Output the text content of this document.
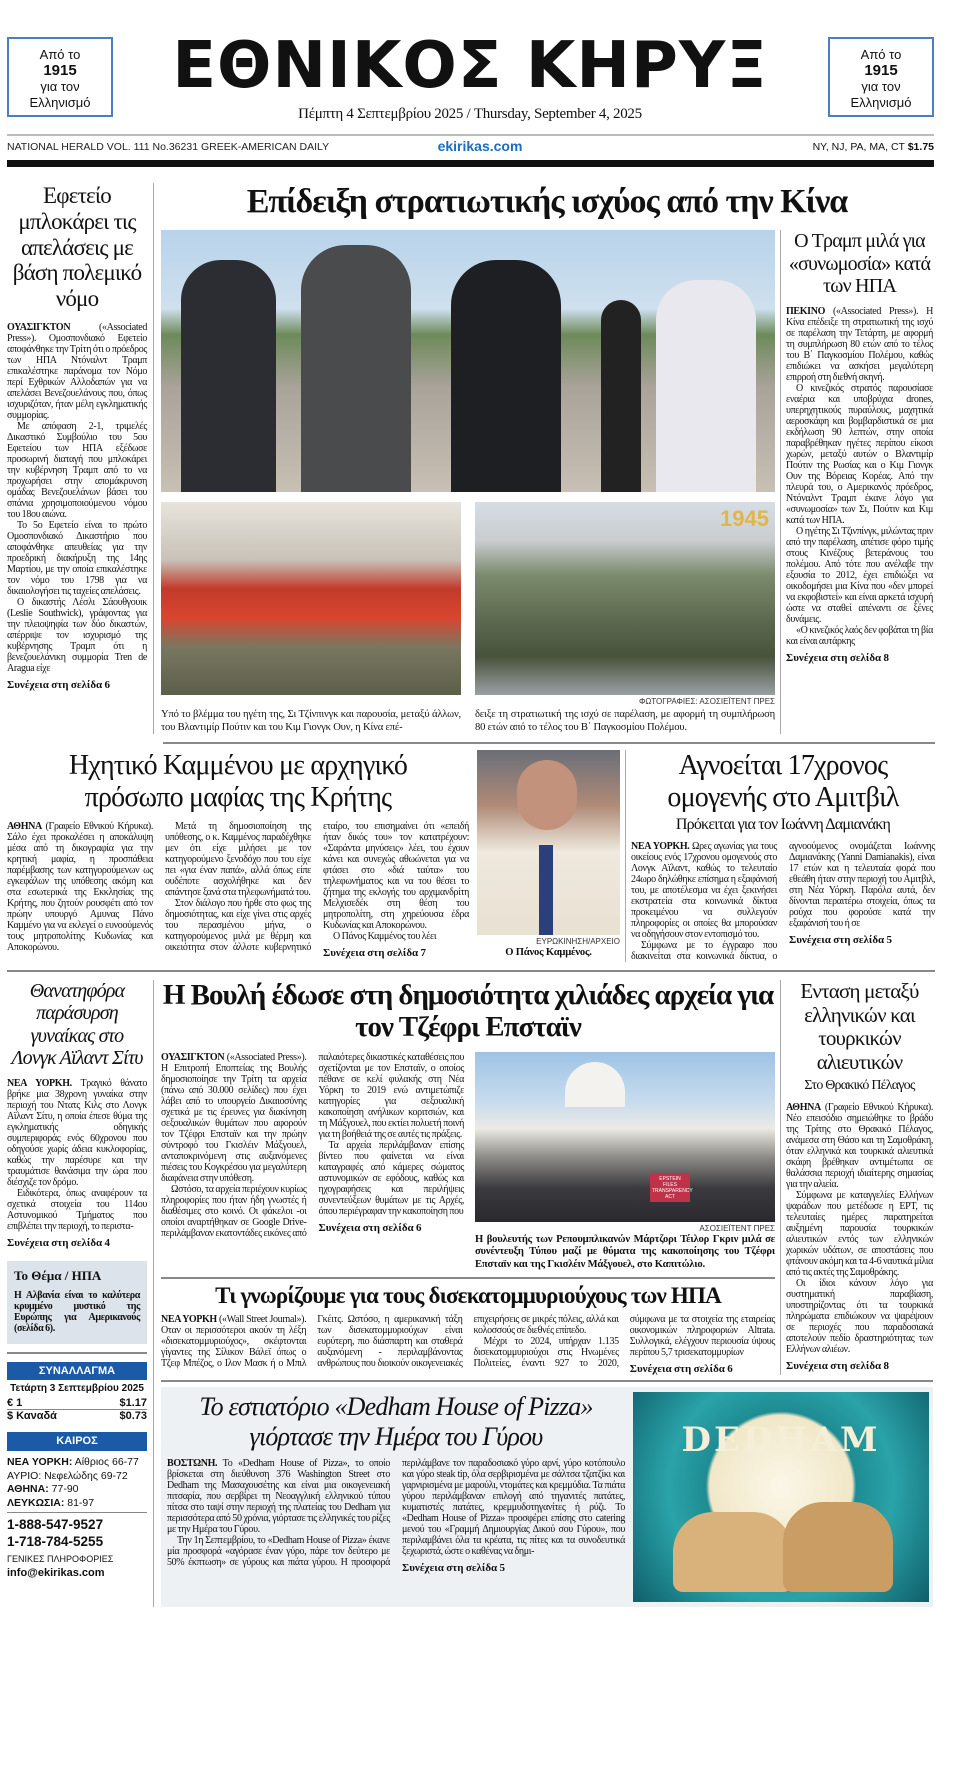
Από το
1915
για τον
Ελληνισμό
Από το
1915
για τον
Ελληνισμό
ΕΘΝΙΚΟΣ ΚΗΡΥΞ
Πέμπτη 4 Σεπτεμβρίου 2025 / Thursday, September 4, 2025
NATIONAL HERALD VOL. 111 No.36231 GREEK-AMERICAN DAILY	ekirikas.com	NY, NJ, PA, MA, CT $1.75
Εφετείο μπλοκάρει τις απελάσεις με βάση πολεμικό νόμο

ΟΥΑΣΙΓΚΤΟΝ	(«Associated Press»). Ομοσπονδιακό Εφετείο αποφάνθηκε την Τρίτη ότι ο πρόεδρος των ΗΠΑ Ντόναλντ Τραμπ επικαλέστηκε παράνομα τον Νόμο περί Εχθρικών Αλλοδαπών για να απελάσει Βενεζουελάνους που, όπως ισχυριζόταν, ήταν μέλη εγκληματικής συμμορίας.

Με απόφαση 2-1, τριμελές Δικαστικό Συμβούλιο του 5ου Εφετείου των ΗΠΑ εξέδωσε προσωρινή διαταγή που μπλοκάρει την κυβέρνηση Τραμπ από το να προχωρήσει στην απομάκρυνση ομάδας Βενεζουελάνων βάσει του σπάνια χρησιμοποιούμενου νόμου του 18ου αιώνα.

Το 5ο Εφετείο είναι το πρώτο Ομοσπονδιακό Δικαστήριο που αποφάνθηκε απευθείας για την προεδρική διακήρυξη της 14ης Μαρτίου, με την οποία επικαλέστηκε τον νόμο του 1798 για να δικαιολογήσει τις ταχείες απελάσεις.

Ο δικαστής Λέσλι Σάουθγουικ (Leslie Southwick), γράφοντας για την πλειοψηφία των δύο δικαστών, απέρριψε τον ισχυρισμό της κυβέρνησης Τραμπ ότι η βενεζουελάνικη συμμορία Tren de Aragua είχε

Συνέχεια στη σελίδα 6
Επίδειξη στρατιωτικής ισχύος από την Κίνα
1945
ΦΩΤΟΓΡΑΦΙΕΣ: ΑΣΟΣΙΕΪΤΕΝΤ ΠΡΕΣ
Υπό το βλέμμα του ηγέτη της, Σι Τζίνπινγκ και παρουσία, μεταξύ άλλων, του Βλαντιμίρ Πούτιν και του Κιμ Γιονγκ Ουν, η Κίνα επέ-
δειξε τη στρατιωτική της ισχύ σε παρέλαση, με αφορμή τη συμπλήρωση 80 ετών από το τέλος του Β΄ Παγκοσμίου Πολέμου.
Ο Τραμπ μιλά για «συνωμοσία» κατά των ΗΠΑ

ΠΕΚΙΝΟ («Associated Press»). Η Κίνα επέδειξε τη στρατιωτική της ισχύ σε παρέλαση την Τετάρτη, με αφορμή τη συμπλήρωση 80 ετών από το τέλος του Β΄ Παγκοσμίου Πολέμου, καθώς επιδιώκει να ασκήσει μεγαλύτερη επιρροή στη διεθνή σκηνή.

Ο κινεζικός στρατός παρουσίασε εναέρια και υποβρύχια drones, υπερηχητικούς πυραύλους, μαχητικά αεροσκάφη και βομβαρδιστικά σε μια εκδήλωση 90 λεπτών, στην οποία παραβρέθηκαν ηγέτες περίπου είκοσι χωρών, μεταξύ αυτών ο Βλαντιμίρ Πούτιν της Ρωσίας και ο Κιμ Γιονγκ Ουν της Βόρειας Κορέας. Από την πλευρά του, ο Αμερικανός πρόεδρος, Ντόναλντ Τραμπ έκανε λόγο για «συνωμοσία» των Σι, Πούτιν και Κιμ κατά των ΗΠΑ.

Ο ηγέτης Σι Τζινπίνγκ, μιλώντας πριν από την παρέλαση, απέτισε φόρο τιμής στους Κινέζους βετεράνους του πολέμου. Από τότε που ανέλαβε την εξουσία το 2012, έχει επιδιώξει να οικοδομήσει μια Κίνα που «δεν μπορεί να εκφοβιστεί» και είναι αρκετά ισχυρή ώστε να σταθεί απέναντι σε ξένες δυνάμεις.

«Ο κινεζικός λαός δεν φοβάται τη βία και είναι αυτάρκης

Συνέχεια στη σελίδα 8
Ηχητικό Καμμένου με αρχηγικό πρόσωπο μαφίας της Κρήτης

ΑΘΗΝΑ (Γραφείο Εθνικού Κήρυκα). Σάλο έχει προκαλέσει η αποκάλυψη μέσα από τη δικογραφία για την κρητική μαφία, η προσπάθεια παρέμβασης των κατηγορούμενων ως εγκεφάλων της υπόθεσης ακόμη και στα εσωτερικά της Εκκλησίας της Κρήτης, που ζητούν ρουσφέτι από τον πρώην υπουργό Αμυνας Πάνο Καμμένο για να εκλεγεί ο ευνοούμενός τους μητροπολίτης Κυδωνίας και Αποκορώνου.

Μετά τη δημοσιοποίηση της υπόθεσης, ο κ. Καμμένος παραδέχθηκε μεν ότι είχε μιλήσει με τον κατηγορούμενο ξενοδόχο που του είχε πει «για έναν παπά», αλλά όπως είπε ουδέποτε ασχολήθηκε και δεν απάντησε ξανά στα τηλεφωνήματά του.

Στον διάλογο που ήρθε στο φως της δημοσιότητας, και είχε γίνει στις αρχές του περασμένου μήνα, ο κατηγορούμενος μιλά με θέρμη και οικειότητα στον άλλοτε κυβερνητικό εταίρο, του επισημαίνει ότι «επειδή ήταν δικός του» τον κατατρέχουν: «Σαράντα μηνύσεις» λέει, του έχουν κάνει και συνεχώς αθωώνεται για να φτάσει στο «διά ταύτα» του τηλεφωνήματος και να του θέσει το ζήτημα της εκλογής του αρχιμανδρίτη Μελχισεδέκ στη θέση του μητροπολίτη, στη χηρεύουσα έδρα Κυδωνίας και Αποκορώνου.

Ο Πάνος Καμμένος του λέει

Συνέχεια στη σελίδα 7
ΕΥΡΩΚΙΝΗΣΗ/ΑΡΧΕΙΟ
Ο Πάνος Καμμένος.
Αγνοείται 17χρονος ομογενής στο Αμιτβιλ
Πρόκειται για τον Ιωάννη Δαμιανάκη

ΝΕΑ ΥΟΡΚΗ. Ωρες αγωνίας για τους οικείους ενός 17χρονου ομογενούς στο Λονγκ Αϊλαντ, καθώς το τελευταίο 24ωρο δηλώθηκε επίσημα η εξαφάνισή του, με αποτέλεσμα να έχει ξεκινήσει εκστρατεία στα κοινωνικά δίκτυα προκειμένου να συλλεγούν πληροφορίες οι οποίες θα μπορούσαν να οδηγήσουν στον εντοπισμό του.

Σύμφωνα με το έγγραφο που διακινείται στα κοινωνικά δίκτυα, ο αγνοούμενος ονομάζεται Ιωάννης Δαμιανάκης (Yanni Damianakis), είναι 17 ετών και η τελευταία φορά που εθεάθη ήταν στην περιοχή του Αμιτβιλ, στη Νέα Υόρκη. Παρόλα αυτά, δεν δίνονται περαιτέρω στοιχεία, όπως τα ρούχα που φορούσε κατά την εξαφάνισή του ή σε

Συνέχεια στη σελίδα 5
Θανατηφόρα παράσυρση γυναίκας στο Λονγκ Αϊλαντ Σίτυ

ΝΕΑ ΥΟΡΚΗ. Τραγικό θάνατο βρήκε μια 38χρονη γυναίκα στην περιοχή του Ντατς Κιλς στο Λονγκ Αϊλαντ Σίτυ, η οποία έπεσε θύμα της εγκληματικής οδηγικής συμπεριφοράς ενός 60χρονου που οδηγούσε χωρίς άδεια κυκλοφορίας, καθώς την παρέσυρε και την τραυμάτισε θανάσιμα την ώρα που διέσχιζε τον δρόμο.

Ειδικότερα, όπως αναφέρουν τα σχετικά στοιχεία του 114ου Αστυνομικού Τμήματος που επιβλέπει την περιοχή, το περιστα-

Συνέχεια στη σελίδα 4
Το Θέμα / ΗΠΑ
Η Αλβανία είναι το καλύτερα κρυμμένο μυστικό της Ευρώπης για Αμερικανούς (σελίδα 6).
ΣΥΝΑΛΛΑΓΜΑ
Τετάρτη 3 Σεπτεμβρίου 2025
€ 1	$1.17
$ Καναδά	$0.73
ΚΑΙΡΟΣ
ΝΕΑ ΥΟΡΚΗ: Αίθριος 66-77
ΑΥΡΙΟ: Νεφελώδης 69-72
ΑΘΗΝΑ: 77-90
ΛΕΥΚΩΣΙΑ: 81-97
1-888-547-9527
1-718-784-5255
ΓΕΝΙΚΕΣ ΠΛΗΡΟΦΟΡΙΕΣ
info@ekirikas.com
Η Βουλή έδωσε στη δημοσιότητα χιλιάδες αρχεία για τον Τζέφρι Επσταϊν

ΟΥΑΣΙΓΚΤΟΝ («Associated Press»). Η Επιτροπή Εποπτείας της Βουλής δημοσιοποίησε την Τρίτη τα αρχεία (πάνω από 30.000 σελίδες) που έχει λάβει από το υπουργείο Δικαιοσύνης σχετικά με τις έρευνες για διακίνηση σεξουαλικών θυμάτων που αφορούν τον Τζέφρι Επσταϊν και την πρώην σύντροφό του Γκισλέιν Μάξγουελ, ανταποκρινόμενη στις αυξανόμενες πιέσεις του Κογκρέσου για μεγαλύτερη διαφάνεια στην υπόθεση.

Ωστόσο, τα αρχεία περιέχουν κυρίως πληροφορίες που ήταν ήδη γνωστές ή διαθέσιμες στο κοινό. Οι φάκελοι -οι οποίοι αναρτήθηκαν σε Google Drive- περιλάμβαναν εκατοντάδες εικόνες από παλαιότερες δικαστικές καταθέσεις που σχετίζονται με τον Επσταϊν, ο οποίος πέθανε σε κελί φυλακής στη Νέα Υόρκη το 2019 ενώ αντιμετώπιζε κατηγορίες για σεξουαλική κακοποίηση ανήλικων κοριτσιών, και τη Μάξγουελ, που εκτίει πολυετή ποινή για τη βοήθειά της σε αυτές τις πράξεις.

Τα αρχεία περιλάμβαναν επίσης βίντεο που φαίνεται να είναι καταγραφές από κάμερες σώματος αστυνομικών σε εφόδους, καθώς και ηχογραφήσεις και περιλήψεις συνεντεύξεων θυμάτων με τις Αρχές, όπου περιέγραφαν την κακοποίηση που

Συνέχεια στη σελίδα 6
EPSTEIN FILES TRANSPARENCY ACT
ΑΣΟΣΙΕΪΤΕΝΤ ΠΡΕΣ
Η βουλευτής των Ρεπουμπλικανών Μάρτζορι Τέιλορ Γκριν μιλά σε συνέντευξη Τύπου μαζί με θύματα της κακοποίησης του Τζέφρι Επσταϊν και της Γκισλέιν Μάξγουελ, στο Καπιτώλιο.
Τι γνωρίζουμε για τους δισεκατομμυριούχους των ΗΠΑ

ΝΕΑ ΥΟΡΚΗ («Wall Street Journal»). Οταν οι περισσότεροι ακούν τη λέξη «δισεκατομμυριούχος», σκέφτονται γίγαντες της Σίλικον Βάλεϊ όπως ο Τζεφ Μπέζος, ο Ιλον Μασκ ή ο Μπιλ Γκέιτς. Ωστόσο, η αμερικανική τάξη των δισεκατομμυριούχων είναι ευρύτερη, πιο διάσπαρτη και σταθερά αυξανόμενη - περιλαμβάνοντας ανθρώπους που διοικούν οικογενειακές επιχειρήσεις σε μικρές πόλεις, αλλά και κολοσσούς σε διεθνές επίπεδο.

Μέχρι το 2024, υπήρχαν 1.135 δισεκατομμυριούχοι στις Ηνωμένες Πολιτείες, έναντι 927 το 2020, σύμφωνα με τα στοιχεία της εταιρείας οικονομικών πληροφοριών Altrata. Συλλογικά, ελέγχουν περιουσία ύψους περίπου 5,7 τρισεκατομμυρίων

Συνέχεια στη σελίδα 6
Ενταση μεταξύ ελληνικών και τουρκικών αλιευτικών
Στο Θρακικό Πέλαγος

ΑΘΗΝΑ (Γραφείο Εθνικού Κήρυκα). Νέο επεισόδιο σημειώθηκε το βράδυ της Τρίτης στο Θρακικό Πέλαγος, ανάμεσα στη Θάσο και τη Σαμοθράκη, όταν ελληνικά και τουρκικά αλιευτικά σκάφη βρέθηκαν αντιμέτωπα σε θαλάσσια περιοχή ιδιαίτερης σημασίας για την αλιεία.

Σύμφωνα με καταγγελίες Ελλήνων ψαράδων που μετέδωσε η ΕΡΤ, τις τελευταίες ημέρες παρατηρείται αυξημένη παρουσία τουρκικών αλιευτικών εντός των ελληνικών χωρικών υδάτων, σε αποστάσεις που φτάνουν ακόμη και τα 4-6 ναυτικά μίλια από τις ακτές της Σαμοθράκης.

Οι ίδιοι κάνουν λόγο για συστηματική παραβίαση, υποστηρίζοντας ότι τα τουρκικά πληρώματα επιδιώκουν να ψαρέψουν σε περιοχές που παραδοσιακά αποτελούν πεδίο δραστηριότητας των Ελλήνων αλιέων.

Συνέχεια στη σελίδα 8
Το εστιατόριο «Dedham House of Pizza»
γιόρτασε την Ημέρα του Γύρου

ΒΟΣΤΩΝΗ. Το «Dedham House of Pizza», το οποίο βρίσκεται στη διεύθυνση 376 Washington Street στο Dedham της Μασαχουσέτης και είναι μια οικογενειακή πιτσαρία, που σερβίρει τη Νεοαγγλική ελληνικού τύπου πίτσα στο ταψί στην περιοχή της πλατείας του Dedham για περισσότερα από 50 χρόνια, γιόρτασε τις ελληνικές του ρίζες με την Ημέρα του Γύρου.

Την 1η Σεπτεμβρίου, το «Dedham House of Pizza» έκανε μία προσφορά «αγόρασε έναν γύρο, πάρε τον δεύτερο με 50% έκπτωση» σε γύρους και πιάτα γύρου. Η προσφορά περιλάμβανε τον παραδοσιακό γύρο αρνί, γύρο κοτόπουλο και γύρο steak tip, όλα σερβιρισμένα με σάλτσα τζατζίκι και γαρνιρισμένα με μαρούλι, ντομάτες και κρεμμύδια. Τα πιάτα γύρου περιλάμβαναν επιλογή από τηγανιτές πατάτες, κυματιστές πατάτες, κρεμμυδοτηγανίτες ή ρύζι. Το «Dedham House of Pizza» προσφέρει επίσης στο catering μενού του «Γραμμή Δημιουργίας Δικού σου Γύρου», που περιλαμβάνει όλα τα κρέατα, τις πίτες και τα συνοδευτικά ξεχωριστά, ώστε ο καθένας να δημι-

Συνέχεια στη σελίδα 5
DEDHAM
